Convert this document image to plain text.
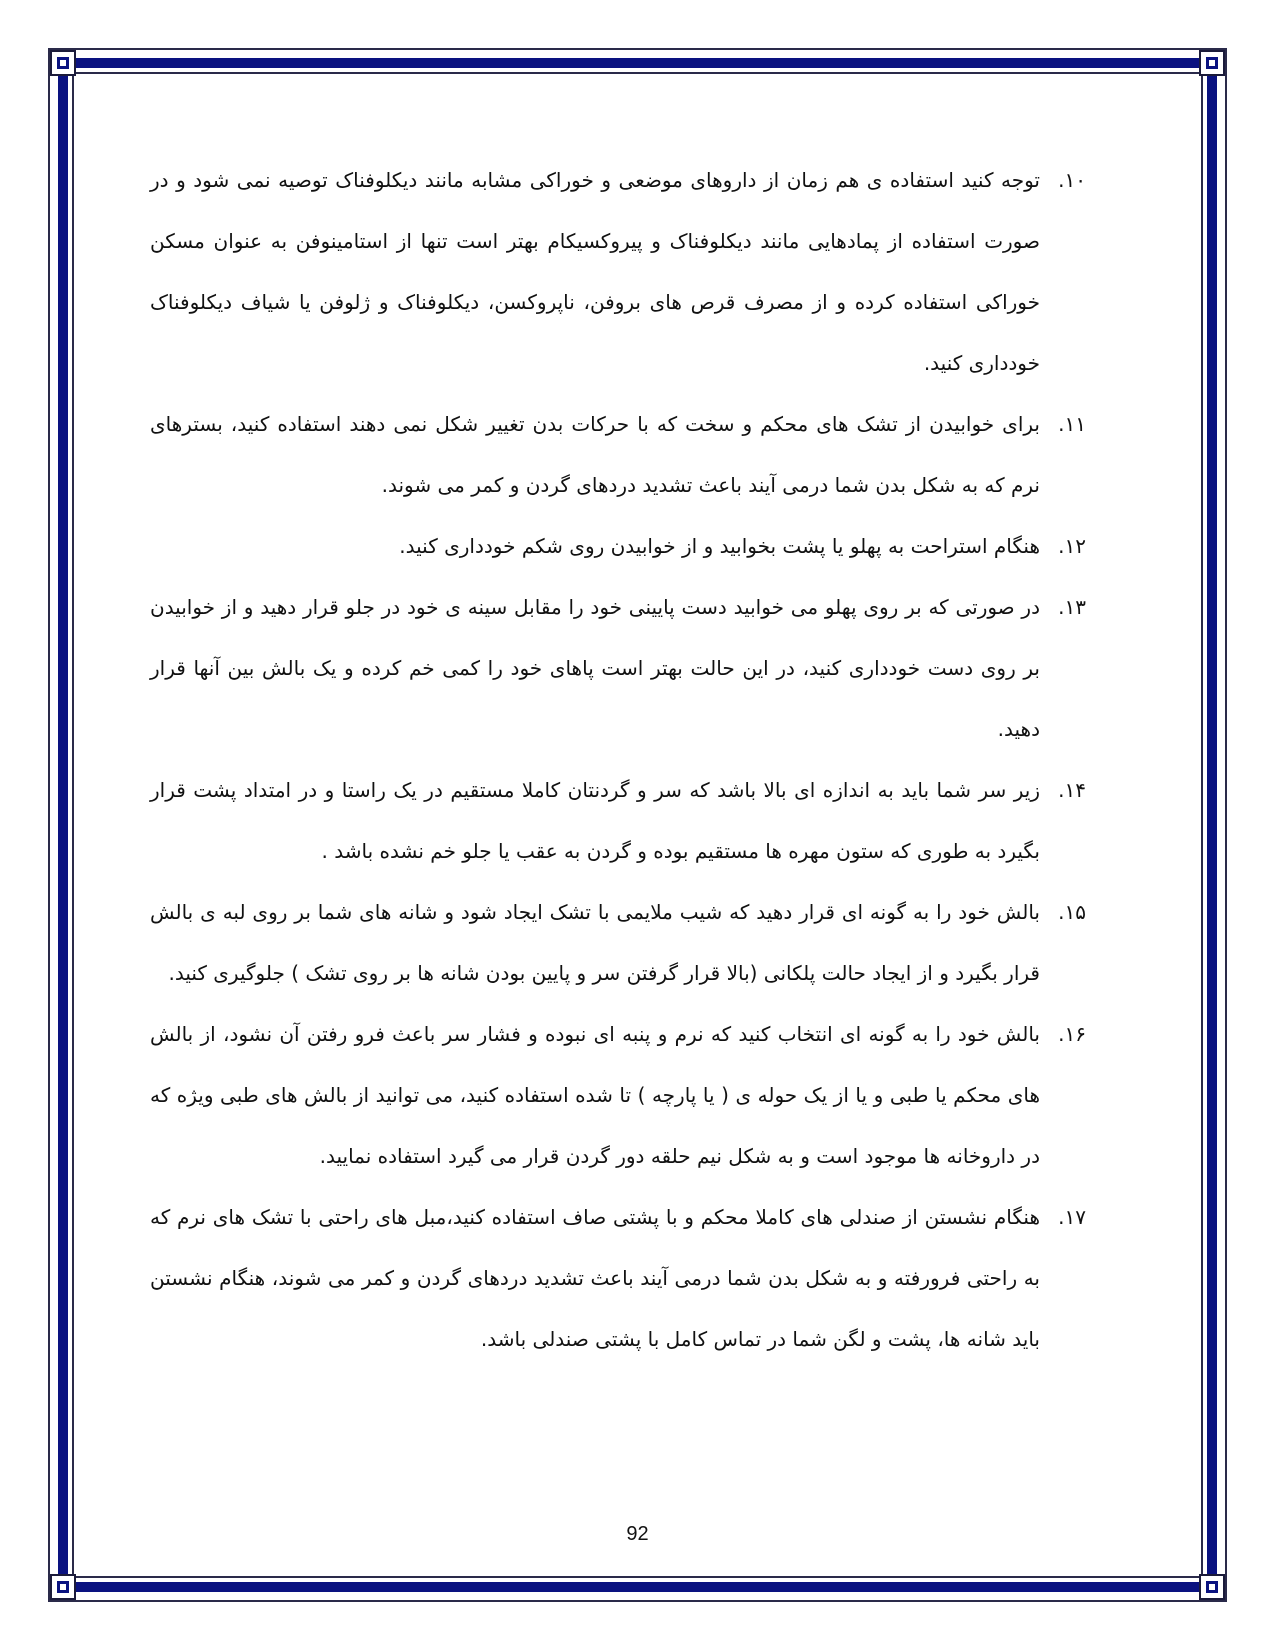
۱۰.

توجه کنید استفاده ی هم زمان از داروهای موضعی و خوراکی مشابه مانند دیکلوفناک توصیه نمی شود و در صورت استفاده از پمادهایی مانند دیکلوفناک و پیروکسیکام بهتر است تنها از استامینوفن به عنوان مسکن خوراکی استفاده کرده و از مصرف قرص های بروفن، ناپروکسن، دیکلوفناک و ژلوفن یا شیاف دیکلوفناک خودداری کنید.

۱۱.

برای خوابیدن از تشک های محکم و سخت که با حرکات بدن تغییر شکل نمی دهند استفاده کنید، بسترهای نرم که به شکل بدن شما درمی آیند باعث تشدید دردهای گردن و کمر می شوند.

۱۲.

هنگام استراحت به پهلو یا پشت بخوابید و از خوابیدن روی شکم خودداری کنید.

۱۳.

در صورتی که بر روی پهلو می خوابید دست پایینی خود را مقابل سینه ی خود در جلو قرار دهید و از خوابیدن بر روی دست خودداری کنید، در این حالت بهتر است پاهای خود را کمی خم کرده و یک بالش بین آنها قرار دهید.

۱۴.

زیر سر شما باید به اندازه ای بالا باشد که سر و گردنتان کاملا مستقیم در یک راستا و در امتداد پشت قرار بگیرد به طوری که ستون مهره ها مستقیم بوده و گردن به عقب یا جلو خم نشده باشد .

۱۵.

بالش خود را به گونه ای قرار دهید که شیب ملایمی با تشک ایجاد شود و شانه های شما بر روی لبه ی بالش قرار بگیرد و از ایجاد حالت پلکانی (بالا قرار گرفتن سر و پایین بودن شانه ها بر روی تشک ) جلوگیری کنید.

۱۶.

بالش خود را به گونه ای انتخاب کنید که نرم و پنبه ای نبوده و فشار سر باعث فرو رفتن آن نشود، از بالش های محکم یا طبی و یا از یک حوله ی ( یا پارچه ) تا شده استفاده کنید، می توانید از بالش های طبی ویژه که در داروخانه ها موجود است و به شکل نیم حلقه دور گردن قرار می گیرد استفاده نمایید.

۱۷.

هنگام نشستن از صندلی های کاملا محکم و با پشتی صاف استفاده کنید،مبل های راحتی با تشک های نرم که به راحتی فرورفته و به شکل بدن شما درمی آیند باعث تشدید دردهای گردن و کمر می شوند، هنگام نشستن باید شانه ها، پشت و لگن شما در تماس کامل با پشتی صندلی باشد.

92
